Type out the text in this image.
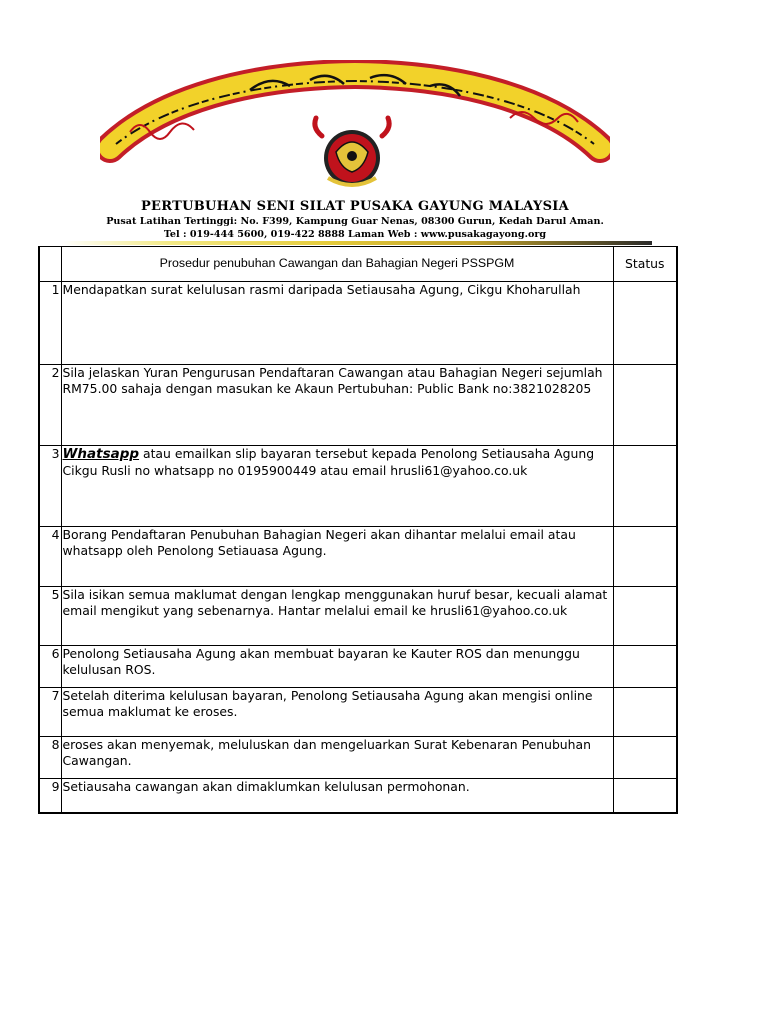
PERTUBUHAN SENI SILAT PUSAKA GAYUNG MALAYSIA
Pusat Latihan Tertinggi: No. F399, Kampung Guar Nenas, 08300 Gurun, Kedah Darul Aman.
Tel : 019-444 5600, 019-422 8888 Laman Web : www.pusakagayong.org
	Prosedur penubuhan Cawangan dan Bahagian Negeri PSSPGM	Status
1	Mendapatkan surat kelulusan rasmi daripada Setiausaha Agung, Cikgu Khoharullah	
2	Sila jelaskan Yuran Pengurusan Pendaftaran Cawangan atau Bahagian Negeri sejumlah RM75.00 sahaja dengan masukan ke Akaun Pertubuhan: Public Bank no:3821028205	
3	Whatsapp atau emailkan slip bayaran tersebut kepada Penolong Setiausaha Agung Cikgu Rusli no whatsapp no 0195900449 atau email hrusli61@yahoo.co.uk	
4	Borang Pendaftaran Penubuhan Bahagian Negeri akan dihantar melalui email atau whatsapp oleh Penolong Setiauasa Agung.	
5	Sila isikan semua maklumat dengan lengkap menggunakan huruf besar, kecuali alamat email mengikut yang sebenarnya. Hantar melalui email ke hrusli61@yahoo.co.uk	
6	Penolong Setiausaha Agung akan membuat bayaran ke Kauter ROS dan menunggu kelulusan ROS.	
7	Setelah diterima kelulusan bayaran, Penolong Setiausaha Agung akan mengisi online semua maklumat ke eroses.	
8	eroses akan menyemak, meluluskan dan mengeluarkan Surat Kebenaran Penubuhan Cawangan.	
9	Setiausaha cawangan akan dimaklumkan kelulusan permohonan.	
